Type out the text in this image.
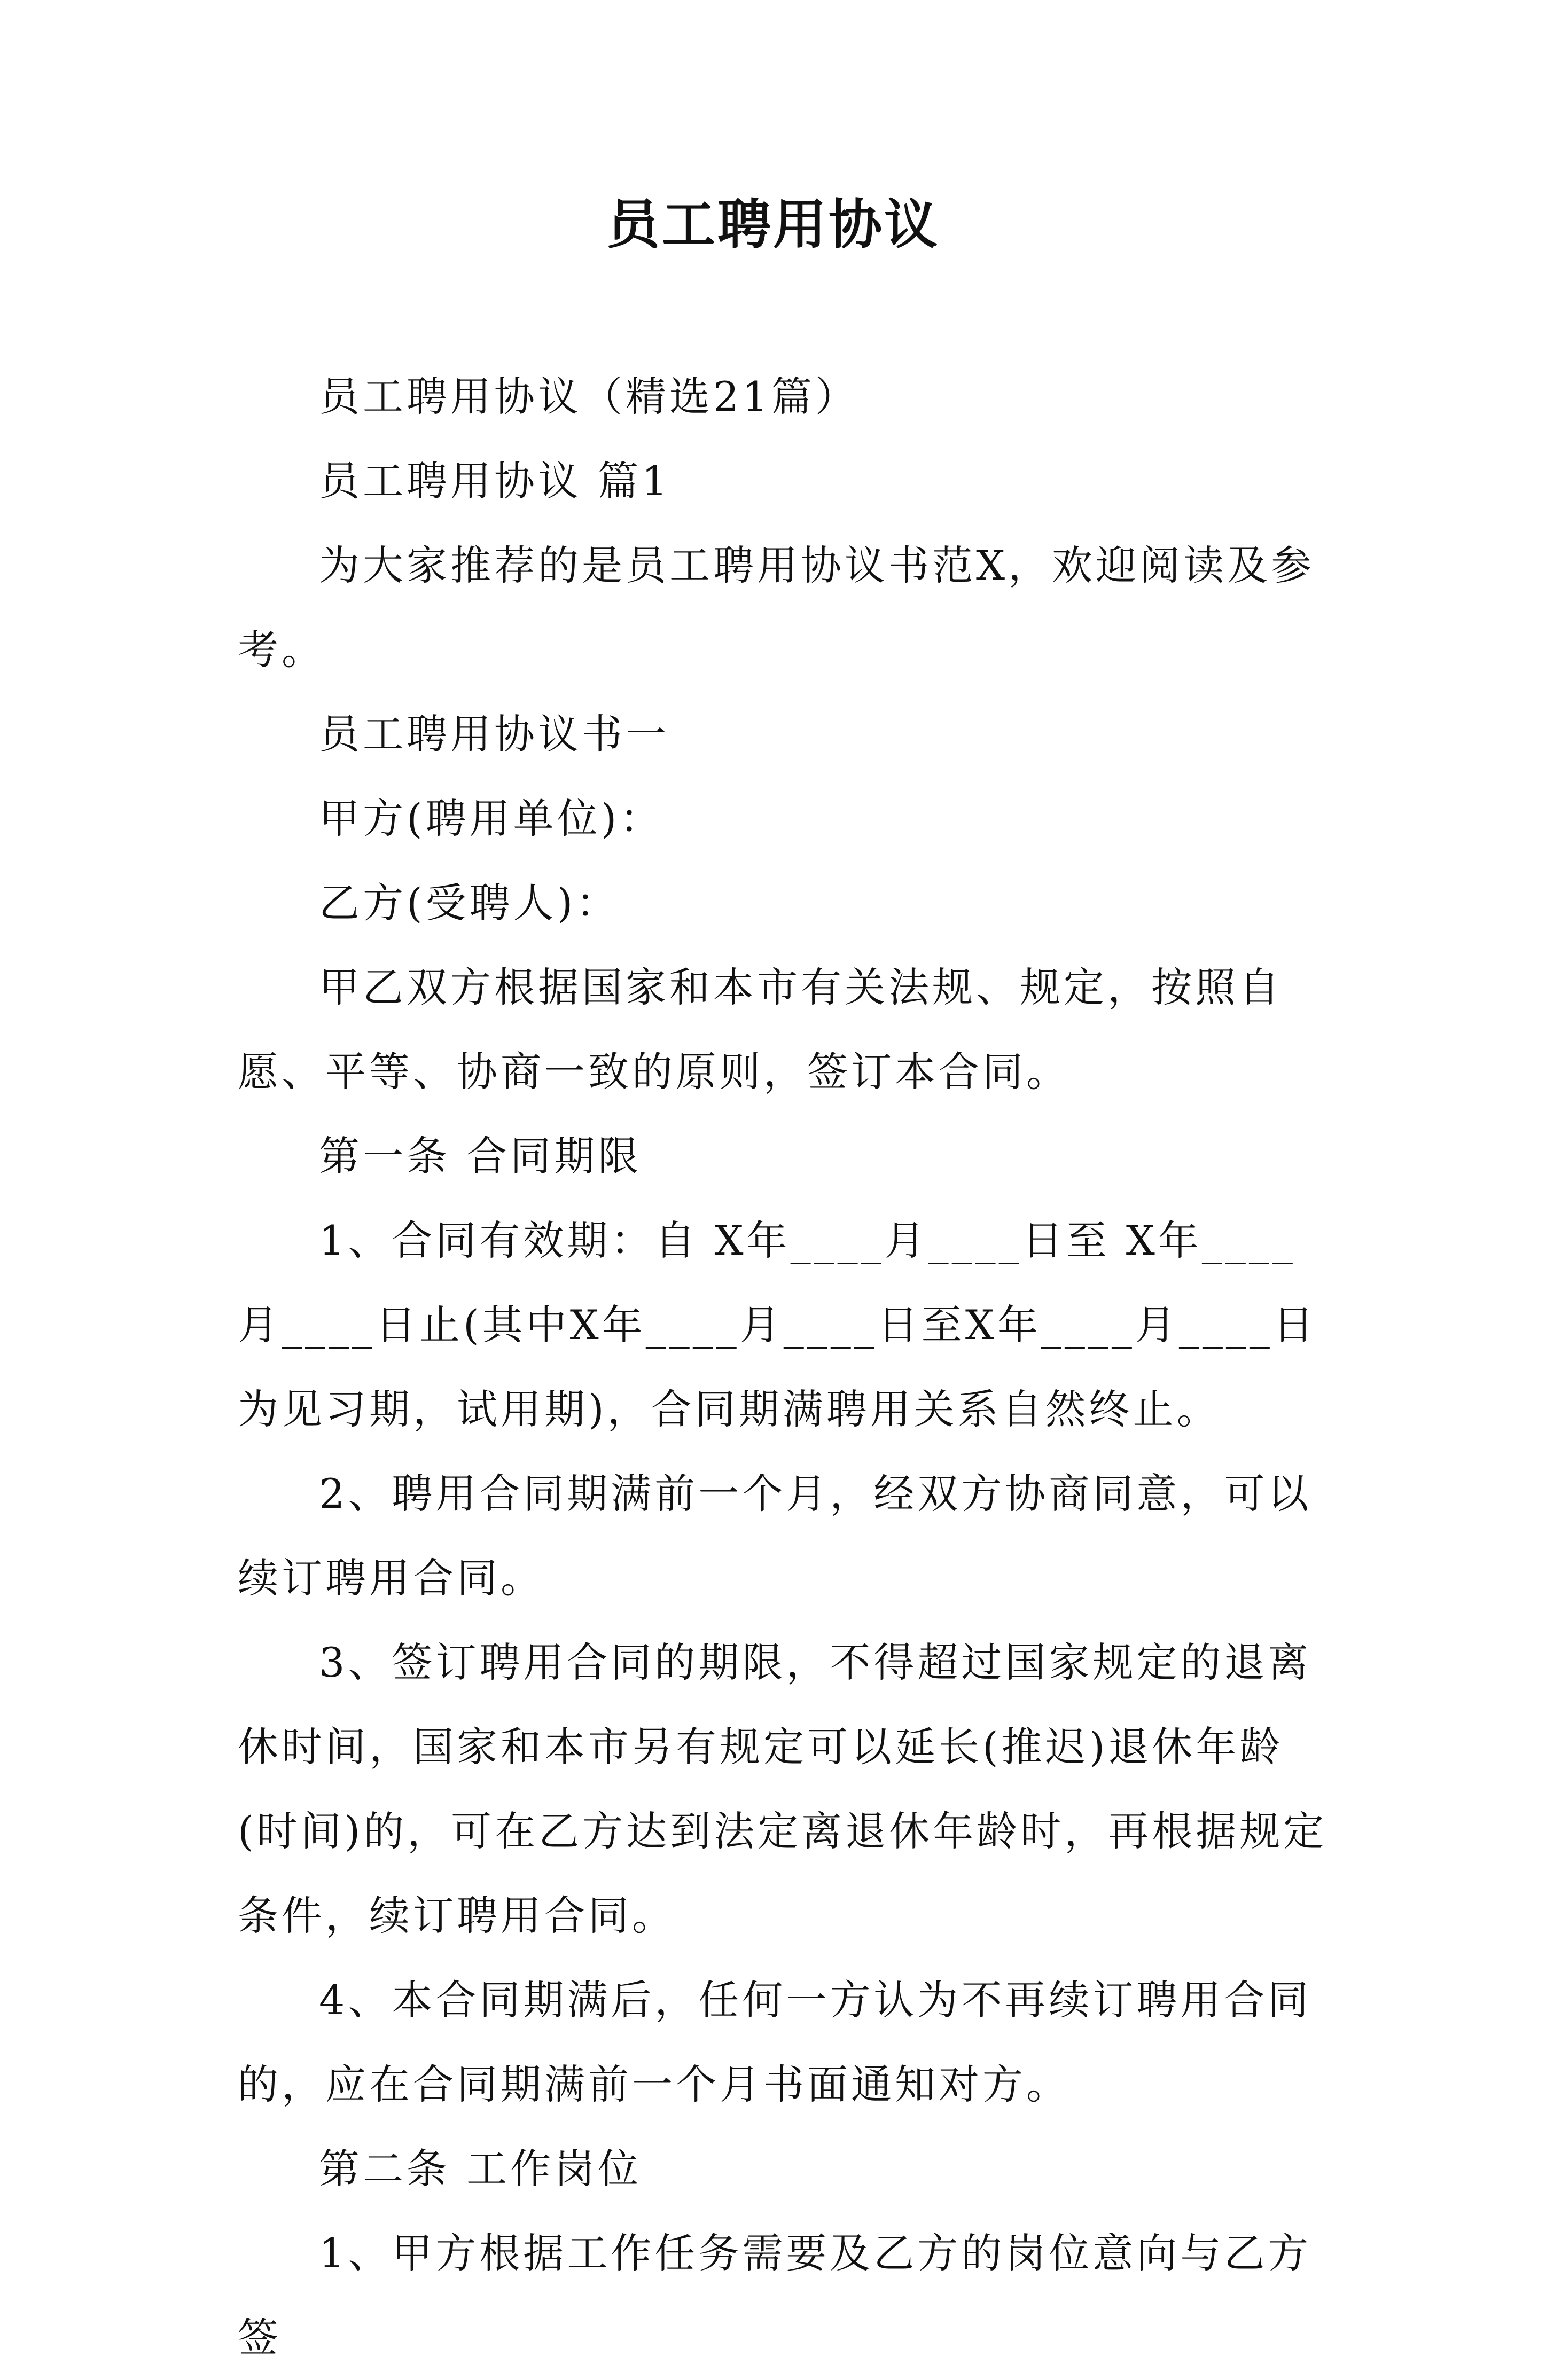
员工聘用协议

员工聘用协议（精选21篇）

员工聘用协议 篇1

为大家推荐的是员工聘用协议书范X，欢迎阅读及参考。

员工聘用协议书一

甲方(聘用单位)：

乙方(受聘人)：

甲乙双方根据国家和本市有关法规、规定，按照自愿、平等、协商一致的原则，签订本合同。

第一条 合同期限

1、合同有效期：自 X年____月____日至 X年____月____日止(其中X年____月____日至X年____月____日为见习期，试用期)，合同期满聘用关系自然终止。

2、聘用合同期满前一个月，经双方协商同意，可以续订聘用合同。

3、签订聘用合同的期限，不得超过国家规定的退离休时间，国家和本市另有规定可以延长(推迟)退休年龄(时间)的，可在乙方达到法定离退休年龄时，再根据规定条件，续订聘用合同。

4、本合同期满后，任何一方认为不再续订聘用合同的，应在合同期满前一个月书面通知对方。

第二条 工作岗位

1、甲方根据工作任务需要及乙方的岗位意向与乙方签
